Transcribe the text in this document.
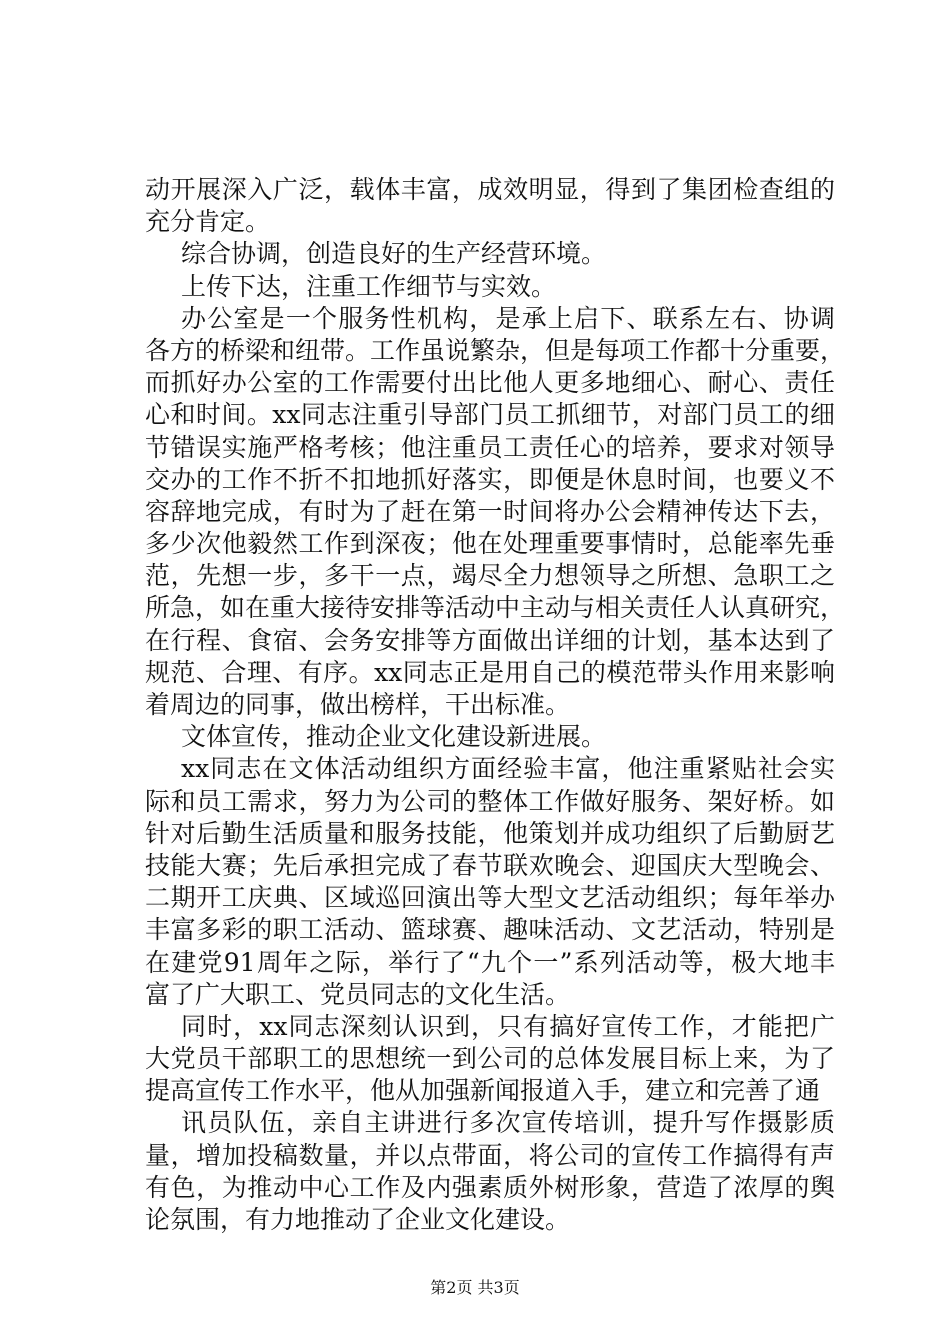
动开展深入广泛，载体丰富，成效明显，得到了集团检查组的
充分肯定。
综合协调，创造良好的生产经营环境。
上传下达，注重工作细节与实效。
办公室是一个服务性机构，是承上启下、联系左右、协调
各方的桥梁和纽带。工作虽说繁杂，但是每项工作都十分重要，
而抓好办公室的工作需要付出比他人更多地细心、耐心、责任
心和时间。xx同志注重引导部门员工抓细节，对部门员工的细
节错误实施严格考核；他注重员工责任心的培养，要求对领导
交办的工作不折不扣地抓好落实，即便是休息时间，也要义不
容辞地完成，有时为了赶在第一时间将办公会精神传达下去，
多少次他毅然工作到深夜；他在处理重要事情时，总能率先垂
范，先想一步，多干一点，竭尽全力想领导之所想、急职工之
所急，如在重大接待安排等活动中主动与相关责任人认真研究，
在行程、食宿、会务安排等方面做出详细的计划，基本达到了
规范、合理、有序。xx同志正是用自己的模范带头作用来影响
着周边的同事，做出榜样，干出标准。
文体宣传，推动企业文化建设新进展。
xx同志在文体活动组织方面经验丰富，他注重紧贴社会实
际和员工需求，努力为公司的整体工作做好服务、架好桥。如
针对后勤生活质量和服务技能，他策划并成功组织了后勤厨艺
技能大赛；先后承担完成了春节联欢晚会、迎国庆大型晚会、
二期开工庆典、区域巡回演出等大型文艺活动组织；每年举办
丰富多彩的职工活动、篮球赛、趣味活动、文艺活动，特别是
在建党91周年之际，举行了“九个一”系列活动等，极大地丰
富了广大职工、党员同志的文化生活。
同时，xx同志深刻认识到，只有搞好宣传工作，才能把广
大党员干部职工的思想统一到公司的总体发展目标上来，为了
提高宣传工作水平，他从加强新闻报道入手，建立和完善了通
讯员队伍，亲自主讲进行多次宣传培训，提升写作摄影质
量，增加投稿数量，并以点带面，将公司的宣传工作搞得有声
有色，为推动中心工作及内强素质外树形象，营造了浓厚的舆
论氛围，有力地推动了企业文化建设。
第2页 共3页
